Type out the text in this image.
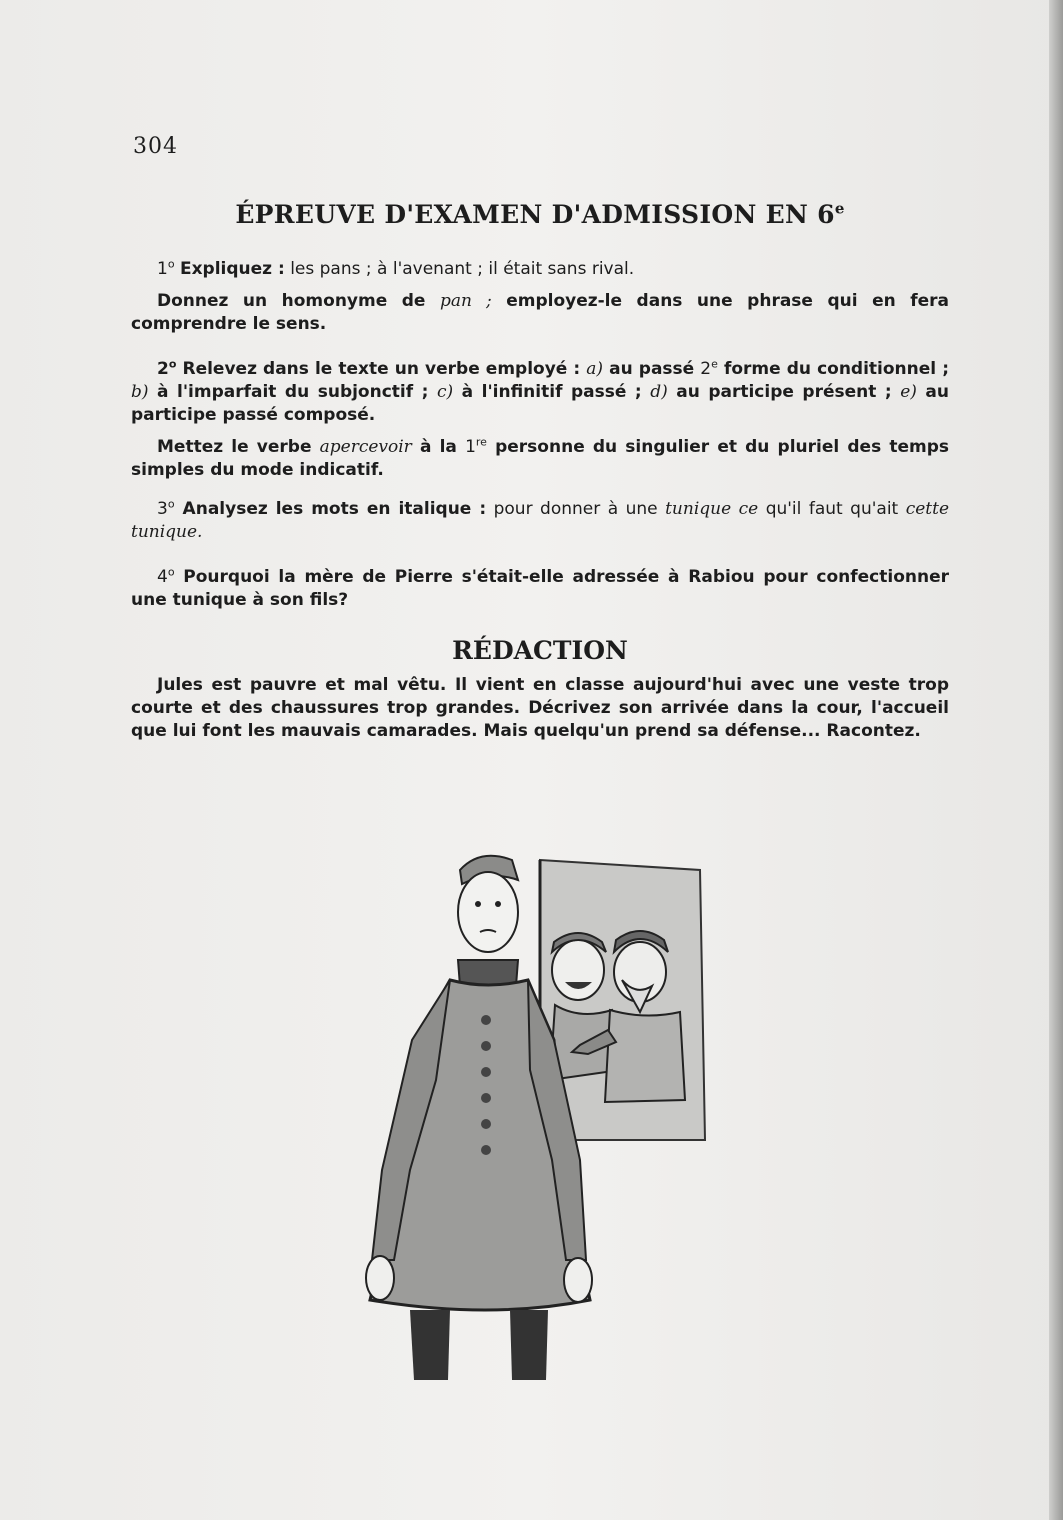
304
ÉPREUVE D'EXAMEN D'ADMISSION EN 6e
1$^o$ Expliquez : les pans ; à l'avenant ; il était sans rival.
Donnez un homonyme de pan ; employez-le dans une phrase qui en fera comprendre le sens.
2$^o$ Relevez dans le texte un verbe employé : a) au passé 2e forme du conditionnel ; b) à l'imparfait du subjonctif ; c) à l'infinitif passé ; d) au participe présent ; e) au participe passé composé.
Mettez le verbe apercevoir à la 1re personne du singulier et du pluriel des temps simples du mode indicatif.
3$^o$ Analysez les mots en italique : pour donner à une tunique ce qu'il faut qu'ait cette tunique.
4$^o$ Pourquoi la mère de Pierre s'était-elle adressée à Rabiou pour confectionner une tunique à son fils?
RÉDACTION
Jules est pauvre et mal vêtu. Il vient en classe aujourd'hui avec une veste trop courte et des chaussures trop grandes. Décrivez son arrivée dans la cour, l'accueil que lui font les mauvais camarades. Mais quelqu'un prend sa défense... Racontez.
